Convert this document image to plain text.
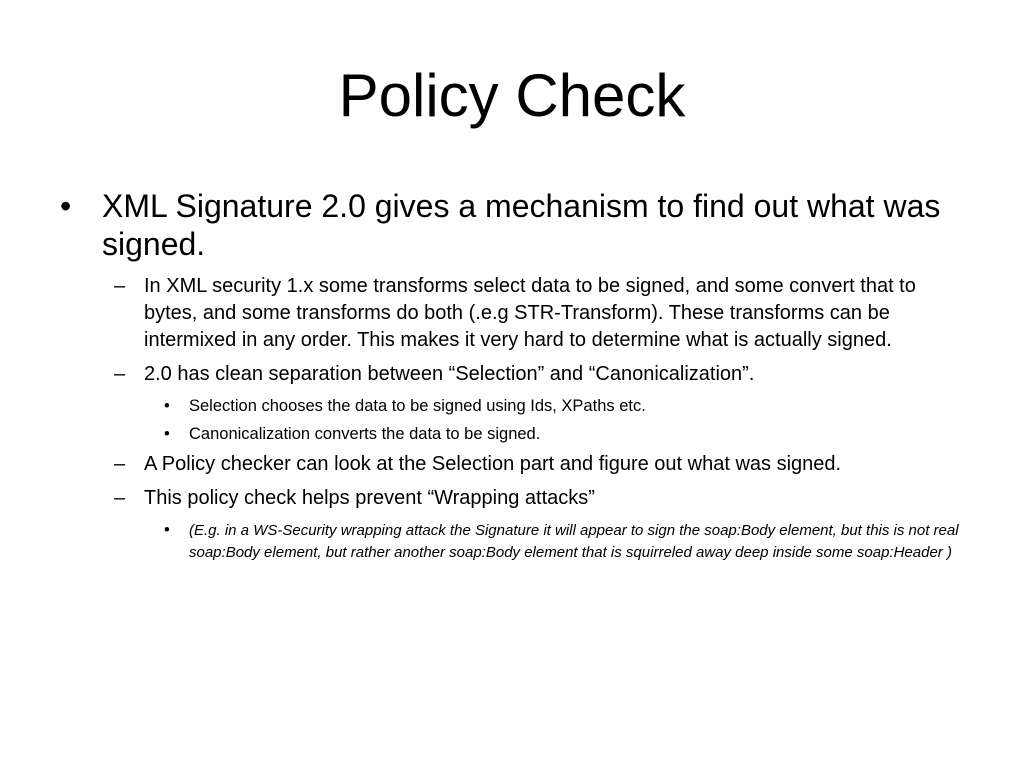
Policy Check
• XML Signature 2.0 gives a mechanism to find out what was signed.
– In XML security 1.x some transforms select data to be signed, and some convert that to bytes, and some transforms do both (.e.g STR-Transform). These transforms can be intermixed in any order. This makes it very hard to determine what is actually signed.
– 2.0 has clean separation between “Selection” and “Canonicalization”.
• Selection chooses the data to be signed using Ids, XPaths etc.
• Canonicalization converts the data to be signed.
– A Policy checker can look at the Selection part and figure out what was signed.
– This policy check helps prevent “Wrapping attacks”
• (E.g. in a WS-Security wrapping attack the Signature it will appear to sign the soap:Body element, but this is not real soap:Body element, but rather another soap:Body element that is squirreled away deep inside some soap:Header )
